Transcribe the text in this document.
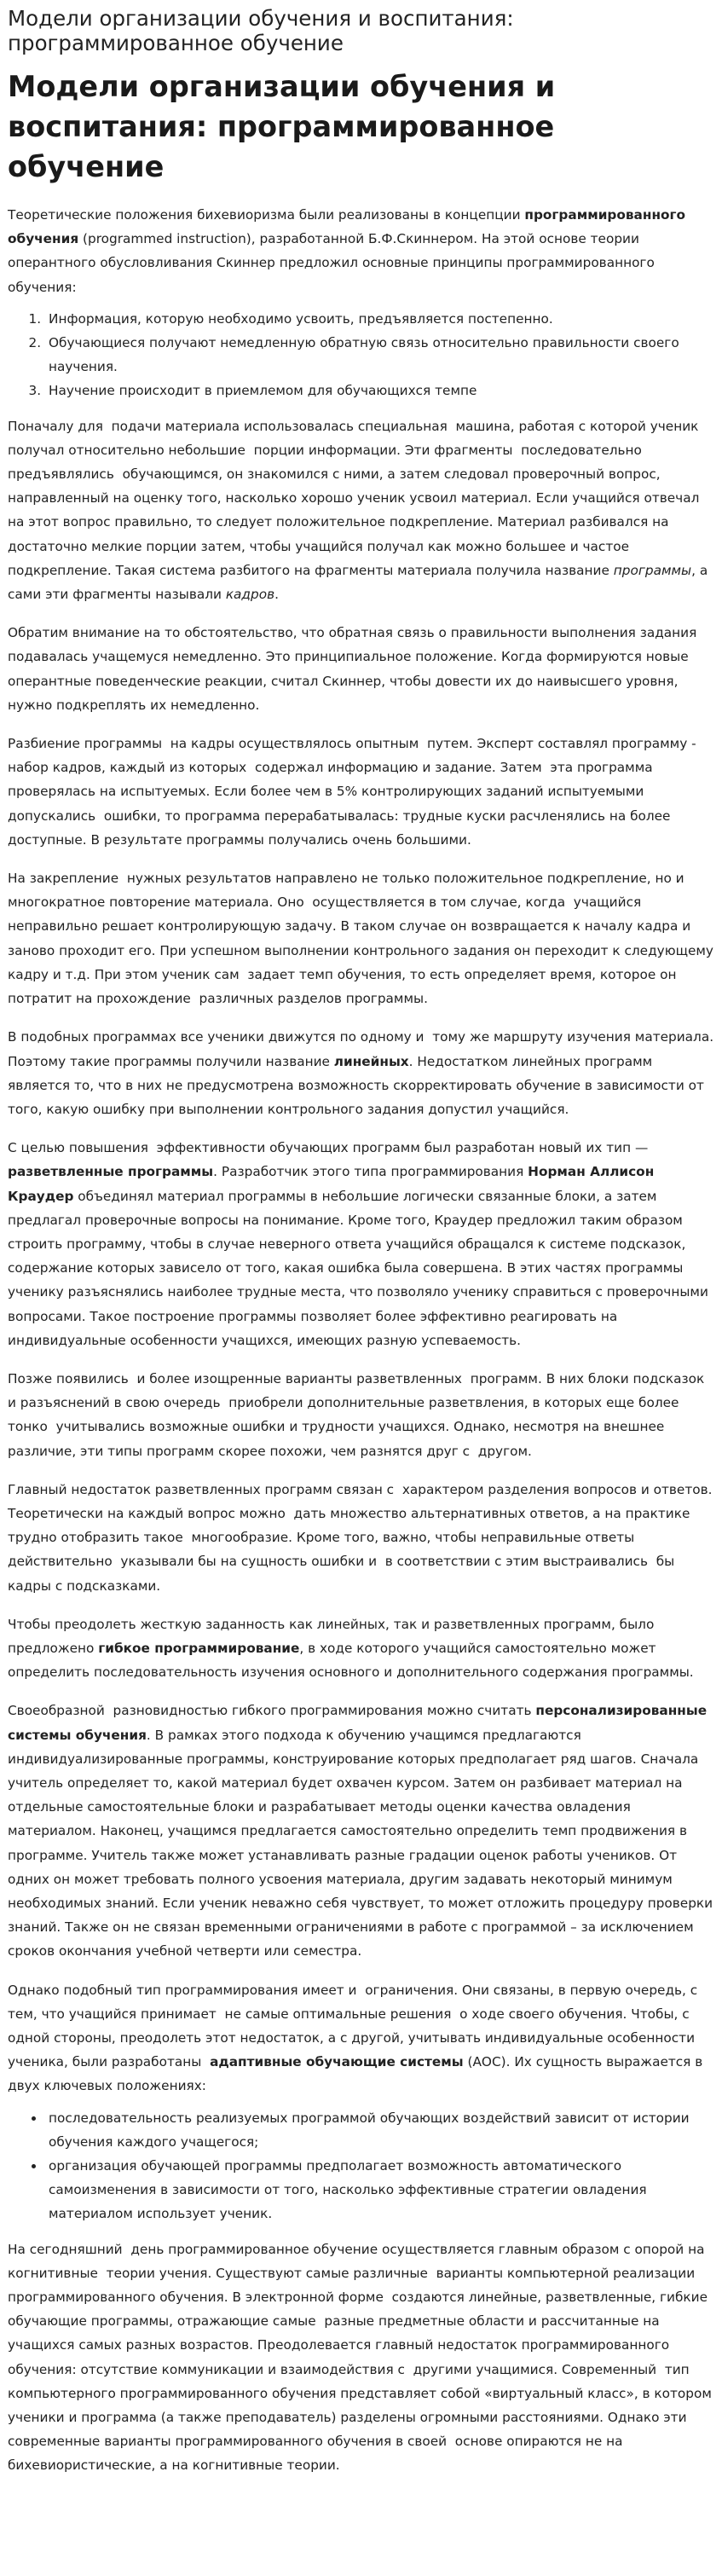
Модели организации обучения и воспитания: программированное обучение
Модели организации обучения и воспитания: программированное обучение

Теоретические положения бихевиоризма были реализованы в концепции программированного обучения (programmed instruction), разработанной Б.Ф.Скиннером. На этой основе теории оперантного обусловливания Скиннер предложил основные принципы программированного обучения:

1. Информация, которую необходимо усвоить, предъявляется постепенно.
2. Обучающиеся получают немедленную обратную связь относительно правильности своего научения.
3. Научение происходит в приемлемом для обучающихся темпе

Поначалу для  подачи материала использовалась специальная  машина, работая с которой ученик получал относительно небольшие  порции информации. Эти фрагменты  последовательно предъявлялись  обучающимся, он знакомился с ними, а затем следовал проверочный вопрос, направленный на оценку того, насколько хорошо ученик усвоил материал. Если учащийся отвечал на этот вопрос правильно, то следует положительное подкрепление. Материал разбивался на достаточно мелкие порции затем, чтобы учащийся получал как можно большее и частое подкрепление. Такая система разбитого на фрагменты материала получила название программы, а сами эти фрагменты называли кадров.

Обратим внимание на то обстоятельство, что обратная связь о правильности выполнения задания подавалась учащемуся немедленно. Это принципиальное положение. Когда формируются новые оперантные поведенческие реакции, считал Скиннер, чтобы довести их до наивысшего уровня, нужно подкреплять их немедленно.

Разбиение программы  на кадры осуществлялось опытным  путем. Эксперт составлял программу - набор кадров, каждый из которых  содержал информацию и задание. Затем  эта программа проверялась на испытуемых. Если более чем в 5% контролирующих заданий испытуемыми допускались  ошибки, то программа перерабатывалась: трудные куски расчленялись на более доступные. В результате программы получались очень большими.

На закрепление  нужных результатов направлено не только положительное подкрепление, но и  многократное повторение материала. Оно  осуществляется в том случае, когда  учащийся неправильно решает контролирующую задачу. В таком случае он возвращается к началу кадра и заново проходит его. При успешном выполнении контрольного задания он переходит к следующему кадру и т.д. При этом ученик сам  задает темп обучения, то есть определяет время, которое он потратит на прохождение  различных разделов программы.

В подобных программах все ученики движутся по одному и  тому же маршруту изучения материала. Поэтому такие программы получили название линейных. Недостатком линейных программ является то, что в них не предусмотрена возможность скорректировать обучение в зависимости от того, какую ошибку при выполнении контрольного задания допустил учащийся.

С целью повышения  эффективности обучающих программ был разработан новый их тип — разветвленные программы. Разработчик этого типа программирования Норман Аллисон Краудер объединял материал программы в небольшие логически связанные блоки, а затем предлагал проверочные вопросы на понимание. Кроме того, Краудер предложил таким образом строить программу, чтобы в случае неверного ответа учащийся обращался к системе подсказок, содержание которых зависело от того, какая ошибка была совершена. В этих частях программы ученику разъяснялись наиболее трудные места, что позволяло ученику справиться с проверочными вопросами. Такое построение программы позволяет более эффективно реагировать на индивидуальные особенности учащихся, имеющих разную успеваемость.

Позже появились  и более изощренные варианты разветвленных  программ. В них блоки подсказок  и разъяснений в свою очередь  приобрели дополнительные разветвления, в которых еще более тонко  учитывались возможные ошибки и трудности учащихся. Однако, несмотря на внешнее различие, эти типы программ скорее похожи, чем разнятся друг с  другом.

Главный недостаток разветвленных программ связан с  характером разделения вопросов и ответов. Теоретически на каждый вопрос можно  дать множество альтернативных ответов, а на практике трудно отобразить такое  многообразие. Кроме того, важно, чтобы неправильные ответы действительно  указывали бы на сущность ошибки и  в соответствии с этим выстраивались  бы кадры с подсказками.

Чтобы преодолеть жесткую заданность как линейных, так и разветвленных программ, было предложено гибкое программирование, в ходе которого учащийся самостоятельно может определить последовательность изучения основного и дополнительного содержания программы.

Своеобразной  разновидностью гибкого программирования можно считать персонализированные системы обучения. В рамках этого подхода к обучению учащимся предлагаются индивидуализированные программы, конструирование которых предполагает ряд шагов. Сначала учитель определяет то, какой материал будет охвачен курсом. Затем он разбивает материал на отдельные самостоятельные блоки и разрабатывает методы оценки качества овладения материалом. Наконец, учащимся предлагается самостоятельно определить темп продвижения в программе. Учитель также может устанавливать разные градации оценок работы учеников. От одних он может требовать полного усвоения материала, другим задавать некоторый минимум необходимых знаний. Если ученик неважно себя чувствует, то может отложить процедуру проверки знаний. Также он не связан временными ограничениями в работе с программой – за исключением сроков окончания учебной четверти или семестра.

Однако подобный тип программирования имеет и  ограничения. Они связаны, в первую очередь, с тем, что учащийся принимает  не самые оптимальные решения  о ходе своего обучения. Чтобы, с  одной стороны, преодолеть этот недостаток, а с другой, учитывать индивидуальные особенности ученика, были разработаны  адаптивные обучающие системы (АОС). Их сущность выражается в двух ключевых положениях:

• последовательность реализуемых программой обучающих воздействий зависит от истории обучения каждого учащегося;
• организация обучающей программы предполагает возможность автоматического самоизменения в зависимости от того, насколько эффективные стратегии овладения материалом использует ученик.

На сегодняшний  день программированное обучение осуществляется главным образом с опорой на когнитивные  теории учения. Существуют самые различные  варианты компьютерной реализации программированного обучения. В электронной форме  создаются линейные, разветвленные, гибкие обучающие программы, отражающие самые  разные предметные области и рассчитанные на учащихся самых разных возрастов. Преодолевается главный недостаток программированного обучения: отсутствие коммуникации и взаимодействия с  другими учащимися. Современный  тип компьютерного программированного обучения представляет собой «виртуальный класс», в котором ученики и программа (а также преподаватель) разделены огромными расстояниями. Однако эти современные варианты программированного обучения в своей  основе опираются не на бихевиористические, а на когнитивные теории.
